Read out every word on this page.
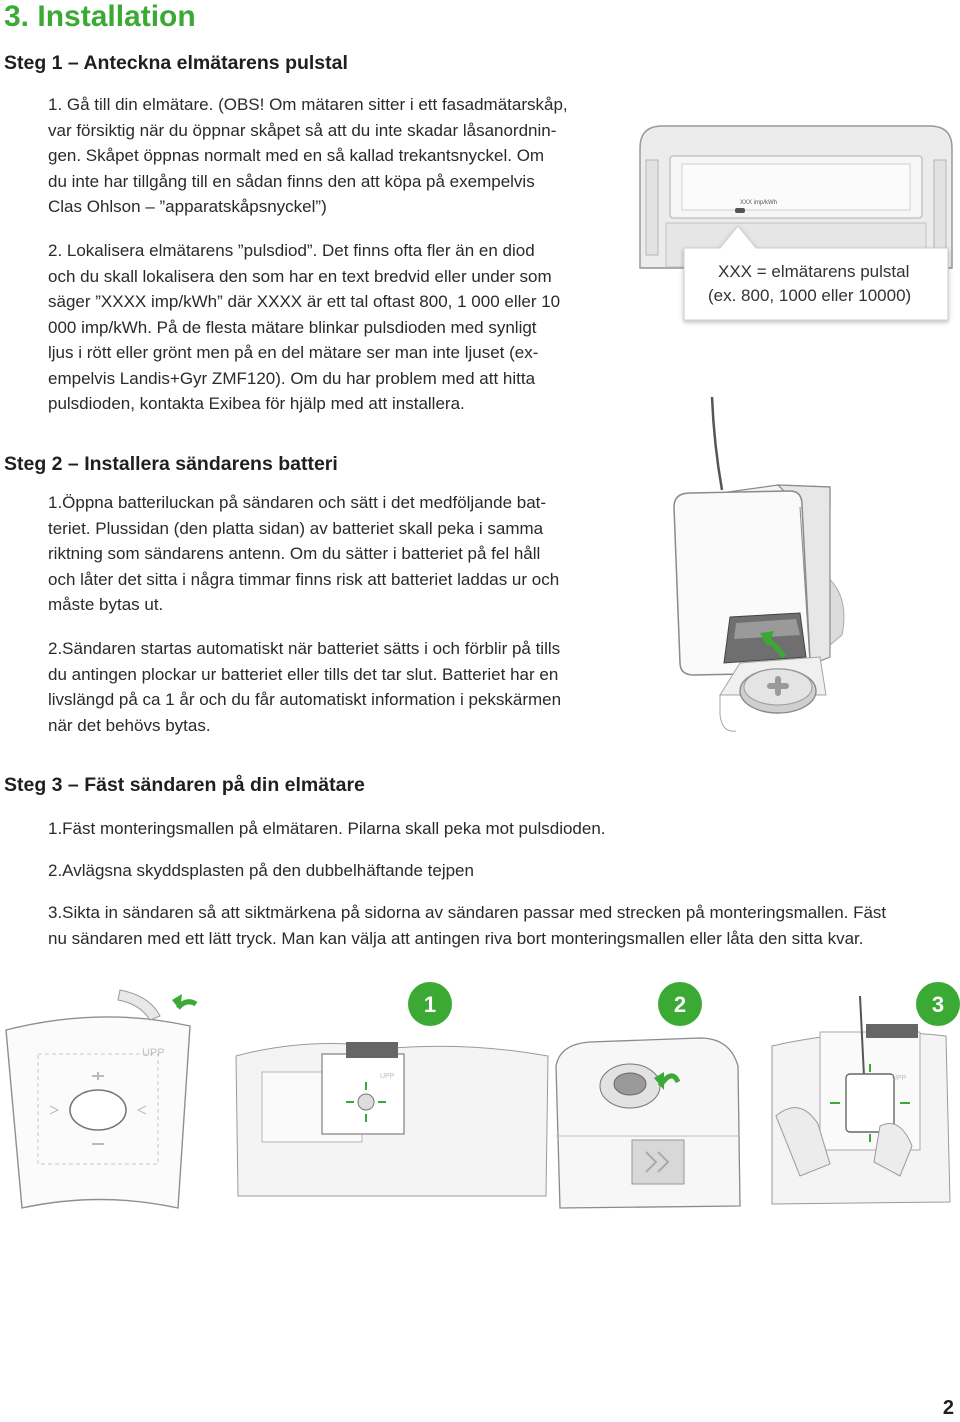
3. Installation
Steg 1 – Anteckna elmätarens pulstal

1. Gå till din elmätare. (OBS! Om mätaren sitter i ett fasadmätarskåp,

var försiktig när du öppnar skåpet så att du inte skadar låsanordnin-

gen. Skåpet öppnas normalt med en så kallad trekantsnyckel. Om

du inte har tillgång till en sådan finns den att köpa på exempelvis

Clas Ohlson – ”apparatskåpsnyckel”)

2. Lokalisera elmätarens ”pulsdiod”. Det finns ofta fler än en diod

och du skall lokalisera den som har en text bredvid eller under som

säger ”XXXX imp/kWh” där XXXX är ett tal oftast 800, 1 000 eller 10

000 imp/kWh. På de flesta mätare blinkar pulsdioden med synligt

ljus i rött eller grönt men på en del mätare ser man inte ljuset (ex-

empelvis Landis+Gyr ZMF120). Om du har problem med att hitta

pulsdioden, kontakta Exibea för hjälp med att installera.

XXX imp/kWh
XXX = elmätarens pulstal
(ex. 800, 1000 eller 10000)
Steg 2 – Installera sändarens batteri

1.Öppna batteriluckan på sändaren och sätt i det medföljande bat-

teriet. Plussidan (den platta sidan) av batteriet skall peka i samma

riktning som sändarens antenn. Om du sätter i batteriet på fel håll

och låter det sitta i några timmar finns risk att batteriet laddas ur och

måste bytas ut.

2.Sändaren startas automatiskt när batteriet sätts i och förblir på tills

du antingen plockar ur batteriet eller tills det tar slut. Batteriet har en

livslängd på ca 1 år och du får automatiskt information i pekskärmen

när det behövs bytas.

Steg 3 – Fäst sändaren på din elmätare

1.Fäst monteringsmallen på elmätaren. Pilarna skall peka mot pulsdioden.

2.Avlägsna skyddsplasten på den dubbelhäftande tejpen

3.Sikta in sändaren så att siktmärkena på sidorna av sändaren passar med strecken på monteringsmallen. Fäst

nu sändaren med ett lätt tryck. Man kan välja att antingen riva bort monteringsmallen eller låta den sitta kvar.

UPP
1
UPP
2	3
UPP
2
